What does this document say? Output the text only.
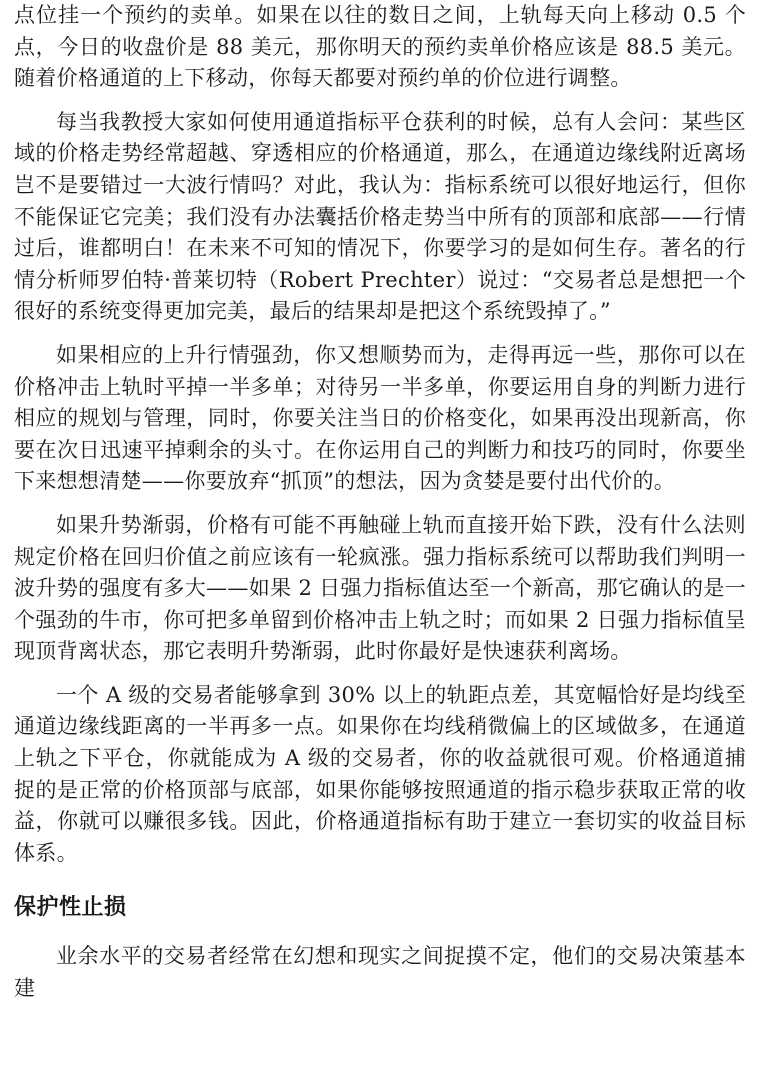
点位挂一个预约的卖单。如果在以往的数日之间，上轨每天向上移动 0.5 个点，今日的收盘价是 88 美元，那你明天的预约卖单价格应该是 88.5 美元。随着价格通道的上下移动，你每天都要对预约单的价位进行调整。

每当我教授大家如何使用通道指标平仓获利的时候，总有人会问：某些区域的价格走势经常超越、穿透相应的价格通道，那么，在通道边缘线附近离场岂不是要错过一大波行情吗？对此，我认为：指标系统可以很好地运行，但你不能保证它完美；我们没有办法囊括价格走势当中所有的顶部和底部——行情过后，谁都明白！在未来不可知的情况下，你要学习的是如何生存。著名的行情分析师罗伯特·普莱切特（Robert Prechter）说过：“交易者总是想把一个很好的系统变得更加完美，最后的结果却是把这个系统毁掉了。”

如果相应的上升行情强劲，你又想顺势而为，走得再远一些，那你可以在价格冲击上轨时平掉一半多单；对待另一半多单，你要运用自身的判断力进行相应的规划与管理，同时，你要关注当日的价格变化，如果再没出现新高，你要在次日迅速平掉剩余的头寸。在你运用自己的判断力和技巧的同时，你要坐下来想想清楚——你要放弃“抓顶”的想法，因为贪婪是要付出代价的。

如果升势渐弱，价格有可能不再触碰上轨而直接开始下跌，没有什么法则规定价格在回归价值之前应该有一轮疯涨。强力指标系统可以帮助我们判明一波升势的强度有多大——如果 2 日强力指标值达至一个新高，那它确认的是一个强劲的牛市，你可把多单留到价格冲击上轨之时；而如果 2 日强力指标值呈现顶背离状态，那它表明升势渐弱，此时你最好是快速获利离场。

一个 A 级的交易者能够拿到 30% 以上的轨距点差，其宽幅恰好是均线至通道边缘线距离的一半再多一点。如果你在均线稍微偏上的区域做多，在通道上轨之下平仓，你就能成为 A 级的交易者，你的收益就很可观。价格通道捕捉的是正常的价格顶部与底部，如果你能够按照通道的指示稳步获取正常的收益，你就可以赚很多钱。因此，价格通道指标有助于建立一套切实的收益目标体系。

保护性止损

业余水平的交易者经常在幻想和现实之间捉摸不定，他们的交易决策基本建
